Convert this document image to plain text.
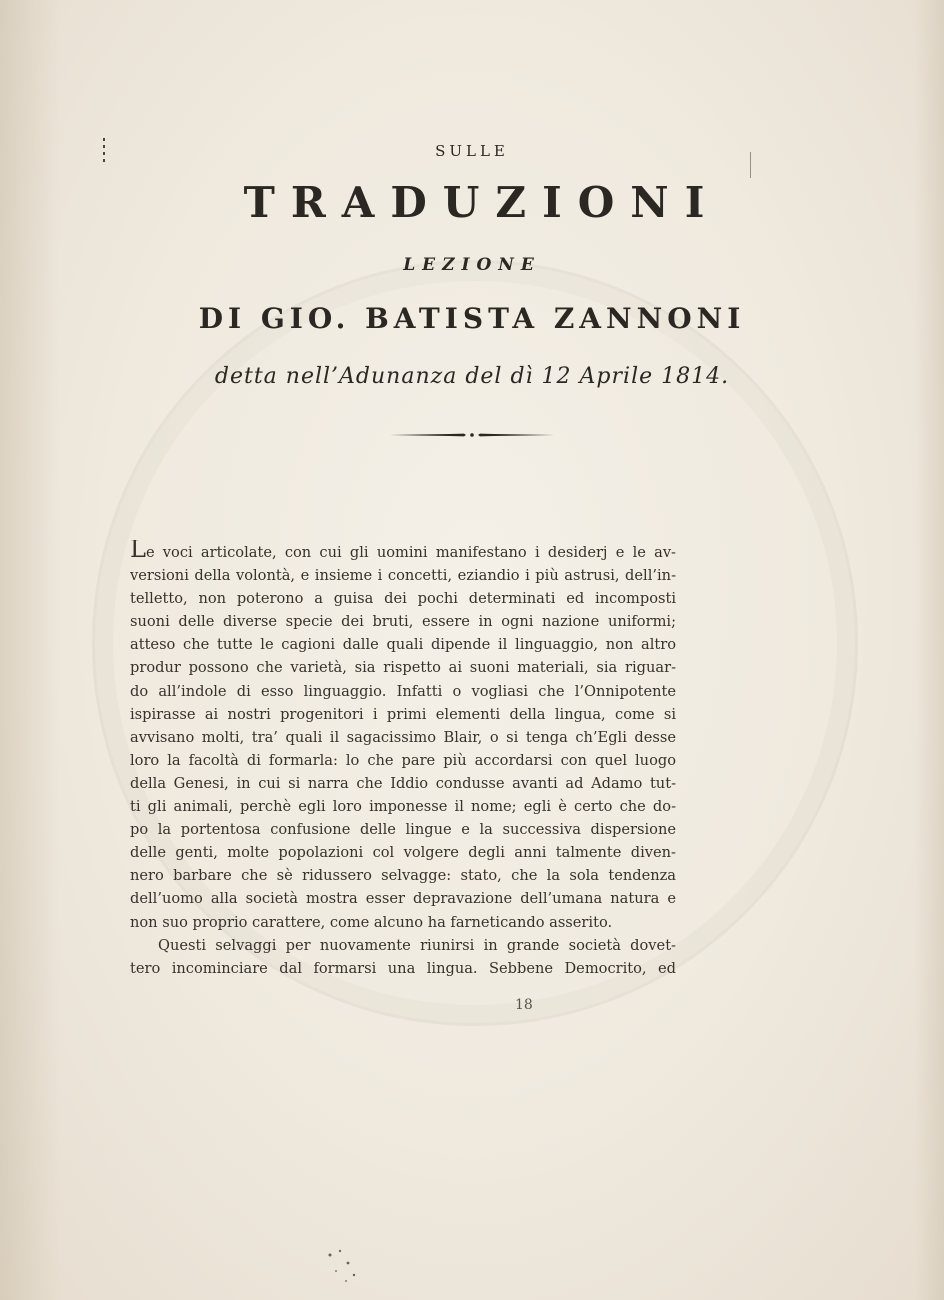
SULLE
TRADUZIONI
LEZIONE
DI GIO. BATISTA ZANNONI
detta nell’Adunanza del dì 12 Aprile 1814.
Le voci articolate, con cui gli uomini manifestano i desiderj e le av-
versioni della volontà, e insieme i concetti, eziandio i più astrusi, dell’in-
telletto, non poterono a guisa dei pochi determinati ed incomposti
suoni delle diverse specie dei bruti, essere in ogni nazione uniformi;
atteso che tutte le cagioni dalle quali dipende il linguaggio, non altro
produr possono che varietà, sia rispetto ai suoni materiali, sia riguar-
do all’indole di esso linguaggio. Infatti o vogliasi che l’Onnipotente
ispirasse ai nostri progenitori i primi elementi della lingua, come si
avvisano molti, tra’ quali il sagacissimo Blair, o si tenga ch’Egli desse
loro la facoltà di formarla: lo che pare più accordarsi con quel luogo
della Genesi, in cui si narra che Iddio condusse avanti ad Adamo tut-
ti gli animali, perchè egli loro imponesse il nome; egli è certo che do-
po la portentosa confusione delle lingue e la successiva dispersione
delle genti, molte popolazioni col volgere degli anni talmente diven-
nero barbare che sè ridussero selvagge: stato, che la sola tendenza
dell’uomo alla società mostra esser depravazione dell’umana natura e
non suo proprio carattere, come alcuno ha farneticando asserito.
Questi selvaggi per nuovamente riunirsi in grande società dovet-
tero incominciare dal formarsi una lingua. Sebbene Democrito, ed
18
